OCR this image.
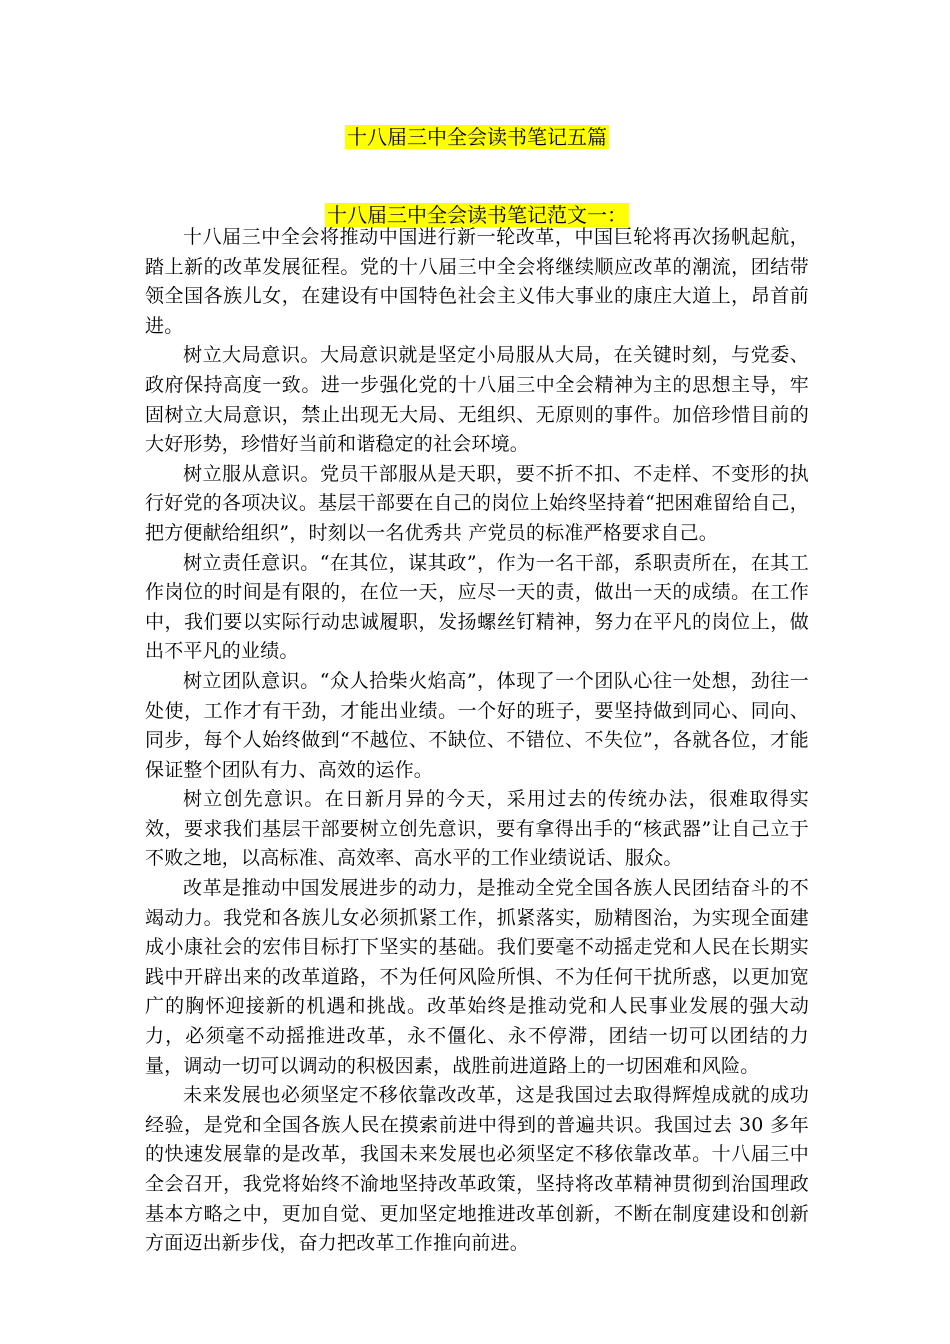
十八届三中全会读书笔记五篇
十八届三中全会读书笔记范文一：

十八届三中全会将推动中国进行新一轮改革，中国巨轮将再次扬帆起航，踏上新的改革发展征程。党的十八届三中全会将继续顺应改革的潮流，团结带领全国各族儿女，在建设有中国特色社会主义伟大事业的康庄大道上，昂首前进。

树立大局意识。大局意识就是坚定小局服从大局，在关键时刻，与党委、政府保持高度一致。进一步强化党的十八届三中全会精神为主的思想主导，牢固树立大局意识，禁止出现无大局、无组织、无原则的事件。加倍珍惜目前的大好形势，珍惜好当前和谐稳定的社会环境。

树立服从意识。党员干部服从是天职，要不折不扣、不走样、不变形的执行好党的各项决议。基层干部要在自己的岗位上始终坚持着“把困难留给自己，把方便献给组织”，时刻以一名优秀共 产党员的标准严格要求自己。

树立责任意识。“在其位，谋其政”，作为一名干部，系职责所在，在其工作岗位的时间是有限的，在位一天，应尽一天的责，做出一天的成绩。在工作中，我们要以实际行动忠诚履职，发扬螺丝钉精神，努力在平凡的岗位上，做出不平凡的业绩。

树立团队意识。“众人拾柴火焰高”，体现了一个团队心往一处想，劲往一处使，工作才有干劲，才能出业绩。一个好的班子，要坚持做到同心、同向、同步，每个人始终做到“不越位、不缺位、不错位、不失位”，各就各位，才能保证整个团队有力、高效的运作。

树立创先意识。在日新月异的今天，采用过去的传统办法，很难取得实效，要求我们基层干部要树立创先意识，要有拿得出手的“核武器”让自己立于不败之地，以高标准、高效率、高水平的工作业绩说话、服众。

改革是推动中国发展进步的动力，是推动全党全国各族人民团结奋斗的不竭动力。我党和各族儿女必须抓紧工作，抓紧落实，励精图治，为实现全面建成小康社会的宏伟目标打下坚实的基础。我们要毫不动摇走党和人民在长期实践中开辟出来的改革道路，不为任何风险所惧、不为任何干扰所惑，以更加宽广的胸怀迎接新的机遇和挑战。改革始终是推动党和人民事业发展的强大动力，必须毫不动摇推进改革，永不僵化、永不停滞，团结一切可以团结的力量，调动一切可以调动的积极因素，战胜前进道路上的一切困难和风险。

未来发展也必须坚定不移依靠改改革，这是我国过去取得辉煌成就的成功经验，是党和全国各族人民在摸索前进中得到的普遍共识。我国过去 30 多年的快速发展靠的是改革，我国未来发展也必须坚定不移依靠改革。十八届三中全会召开，我党将始终不渝地坚持改革政策，坚持将改革精神贯彻到治国理政基本方略之中，更加自觉、更加坚定地推进改革创新，不断在制度建设和创新方面迈出新步伐，奋力把改革工作推向前进。
